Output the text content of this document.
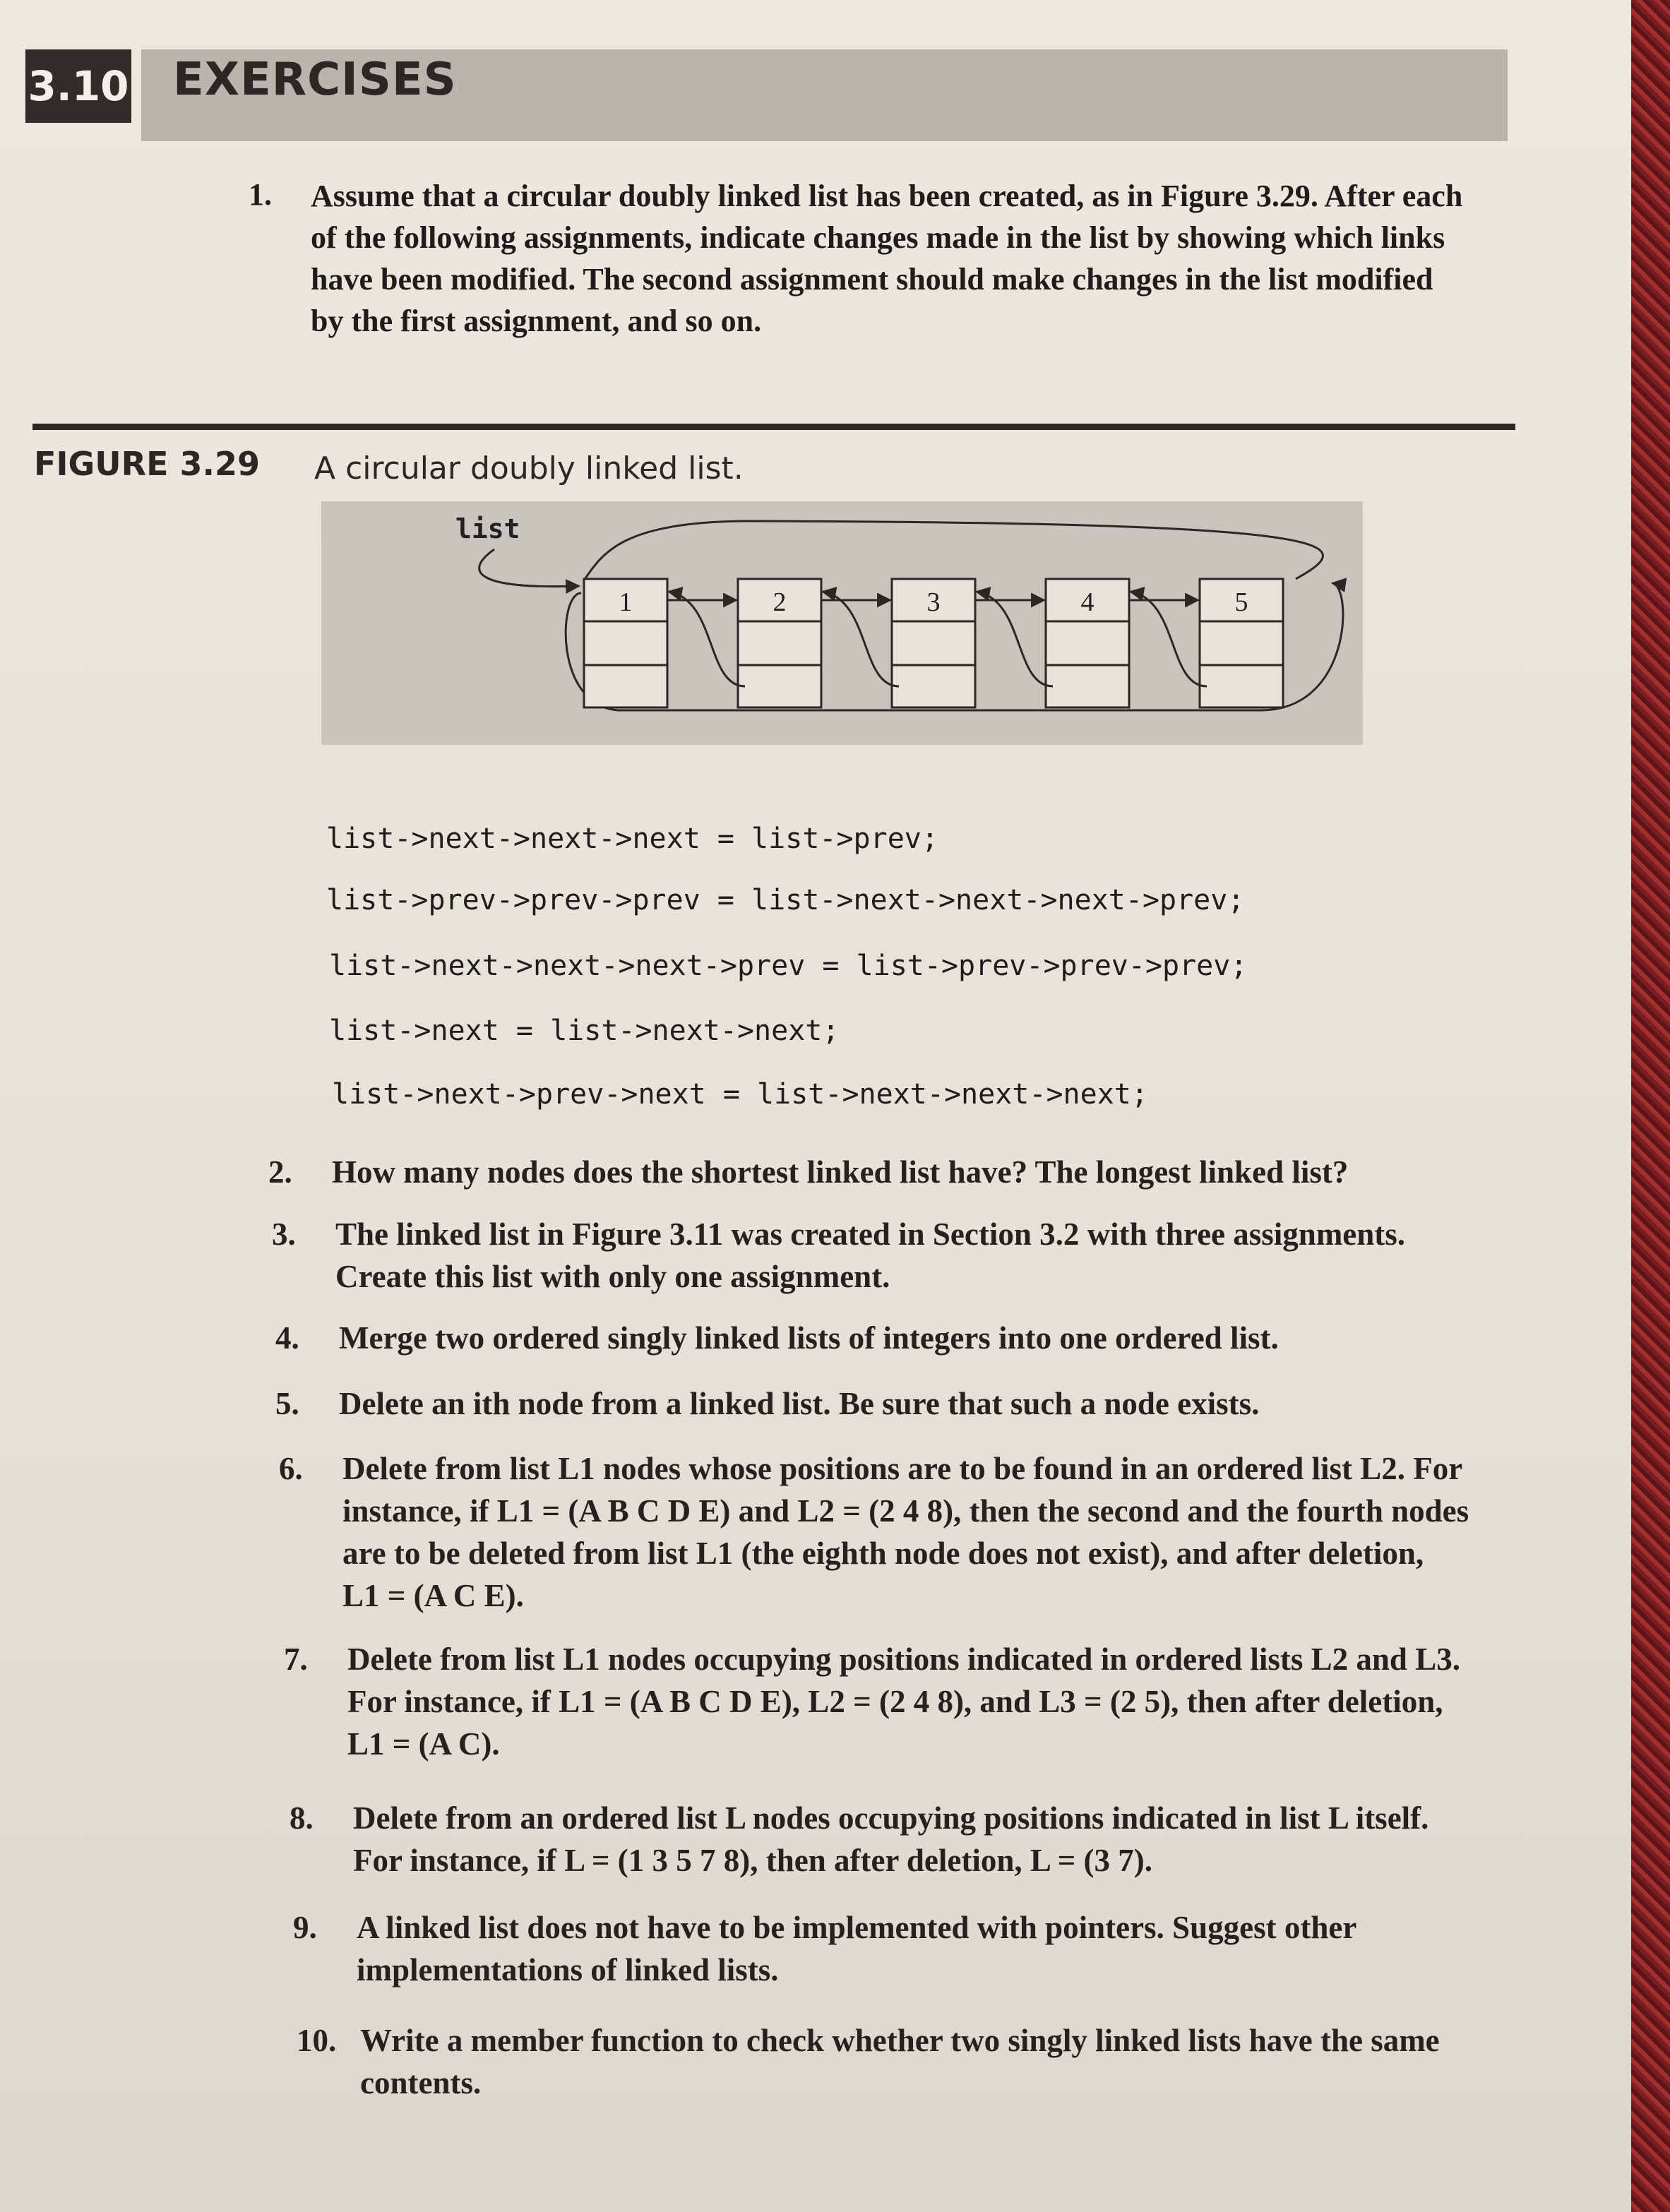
3.10 EXERCISES
1. Assume that a circular doubly linked list has been created, as in Figure 3.29. After each of the following assignments, indicate changes made in the list by showing which links have been modified. The second assignment should make changes in the list modified by the first assignment, and so on.

FIGURE 3.29 A circular doubly linked list.
list
1	2	3	4	5
list->next->next->next = list->prev;
list->prev->prev->prev = list->next->next->next->prev;
list->next->next->next->prev = list->prev->prev->prev;
list->next = list->next->next;
list->next->prev->next = list->next->next->next;
2. How many nodes does the shortest linked list have? The longest linked list?

3. The linked list in Figure 3.11 was created in Section 3.2 with three assignments.

Create this list with only one assignment.

4. Merge two ordered singly linked lists of integers into one ordered list.

5. Delete an ith node from a linked list. Be sure that such a node exists.

6. Delete from list L1 nodes whose positions are to be found in an ordered list L2. For

instance, if L1 = (A B C D E) and L2 = (2 4 8), then the second and the fourth nodes

are to be deleted from list L1 (the eighth node does not exist), and after deletion,

L1 = (A C E).

7. Delete from list L1 nodes occupying positions indicated in ordered lists L2 and L3.

For instance, if L1 = (A B C D E), L2 = (2 4 8), and L3 = (2 5), then after deletion,

L1 = (A C).

8. Delete from an ordered list L nodes occupying positions indicated in list L itself.

For instance, if L = (1 3 5 7 8), then after deletion, L = (3 7).

9. A linked list does not have to be implemented with pointers. Suggest other

implementations of linked lists.

10. Write a member function to check whether two singly linked lists have the same

contents.
